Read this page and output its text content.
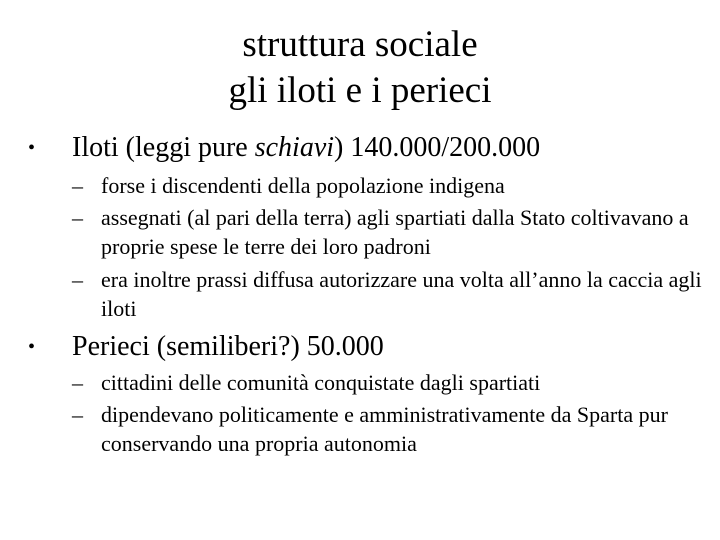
struttura sociale
gli iloti e i perieci
• Iloti (leggi pure schiavi) 140.000/200.000
– forse i discendenti della popolazione indigena
– assegnati (al pari della terra) agli spartiati dalla Stato coltivavano a proprie spese le terre dei loro padroni
– era inoltre prassi diffusa autorizzare una volta all’anno la caccia agli iloti
• Perieci (semiliberi?) 50.000
– cittadini delle comunità conquistate dagli spartiati
– dipendevano politicamente e amministrativamente da Sparta pur conservando una propria autonomia
